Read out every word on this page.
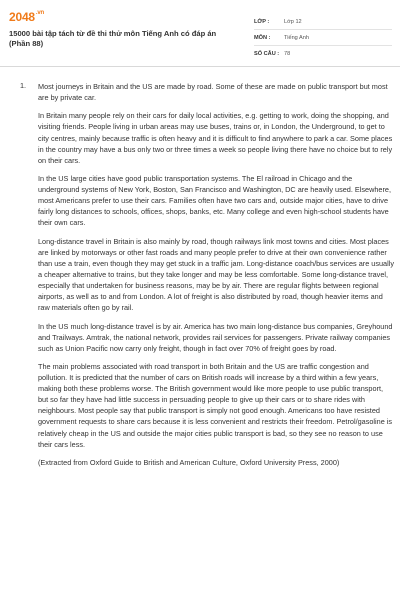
$2048^{.vn}$
15000 bài tập tách từ đề thi thử môn Tiếng Anh có đáp án (Phần 88)
LỚP :	Lớp 12
MÔN :	Tiếng Anh
SỐ CÂU : 78
1. Most journeys in Britain and the US are made by road. Some of these are made on public transport but most are by private car.

In Britain many people rely on their cars for daily local activities, e.g. getting to work, doing the shopping, and visiting friends. People living in urban areas may use buses, trains or, in London, the Underground, to get to city centres, mainly because traffic is often heavy and it is difficult to find anywhere to park a car. Some places in the country may have a bus only two or three times a week so people living there have no choice but to rely on their cars.

In the US large cities have good public transportation systems. The El railroad in Chicago and the underground systems of New York, Boston, San Francisco and Washington, DC are heavily used. Elsewhere, most Americans prefer to use their cars. Families often have two cars and, outside major cities, have to drive fairly long distances to schools, offices, shops, banks, etc. Many college and even high-school students have their own cars.

Long-distance travel in Britain is also mainly by road, though railways link most towns and cities. Most places are linked by motorways or other fast roads and many people prefer to drive at their own convenience rather than use a train, even though they may get stuck in a traffic jam. Long-distance coach/bus services are usually a cheaper alternative to trains, but they take longer and may be less comfortable. Some long-distance travel, especially that undertaken for business reasons, may be by air. There are regular flights between regional airports, as well as to and from London. A lot of freight is also distributed by road, though heavier items and raw materials often go by rail.

In the US much long-distance travel is by air. America has two main long-distance bus companies, Greyhound and Trailways. Amtrak, the national network, provides rail services for passengers. Private railway companies such as Union Pacific now carry only freight, though in fact over 70% of freight goes by road.

The main problems associated with road transport in both Britain and the US are traffic congestion and pollution. It is predicted that the number of cars on British roads will increase by a third within a few years, making both these problems worse. The British government would like more people to use public transport, but so far they have had little success in persuading people to give up their cars or to share rides with neighbours. Most people say that public transport is simply not good enough. Americans too have resisted government requests to share cars because it is less convenient and restricts their freedom. Petrol/gasoline is relatively cheap in the US and outside the major cities public transport is bad, so they see no reason to use their cars less.

(Extracted from Oxford Guide to British and American Culture, Oxford University Press, 2000)
